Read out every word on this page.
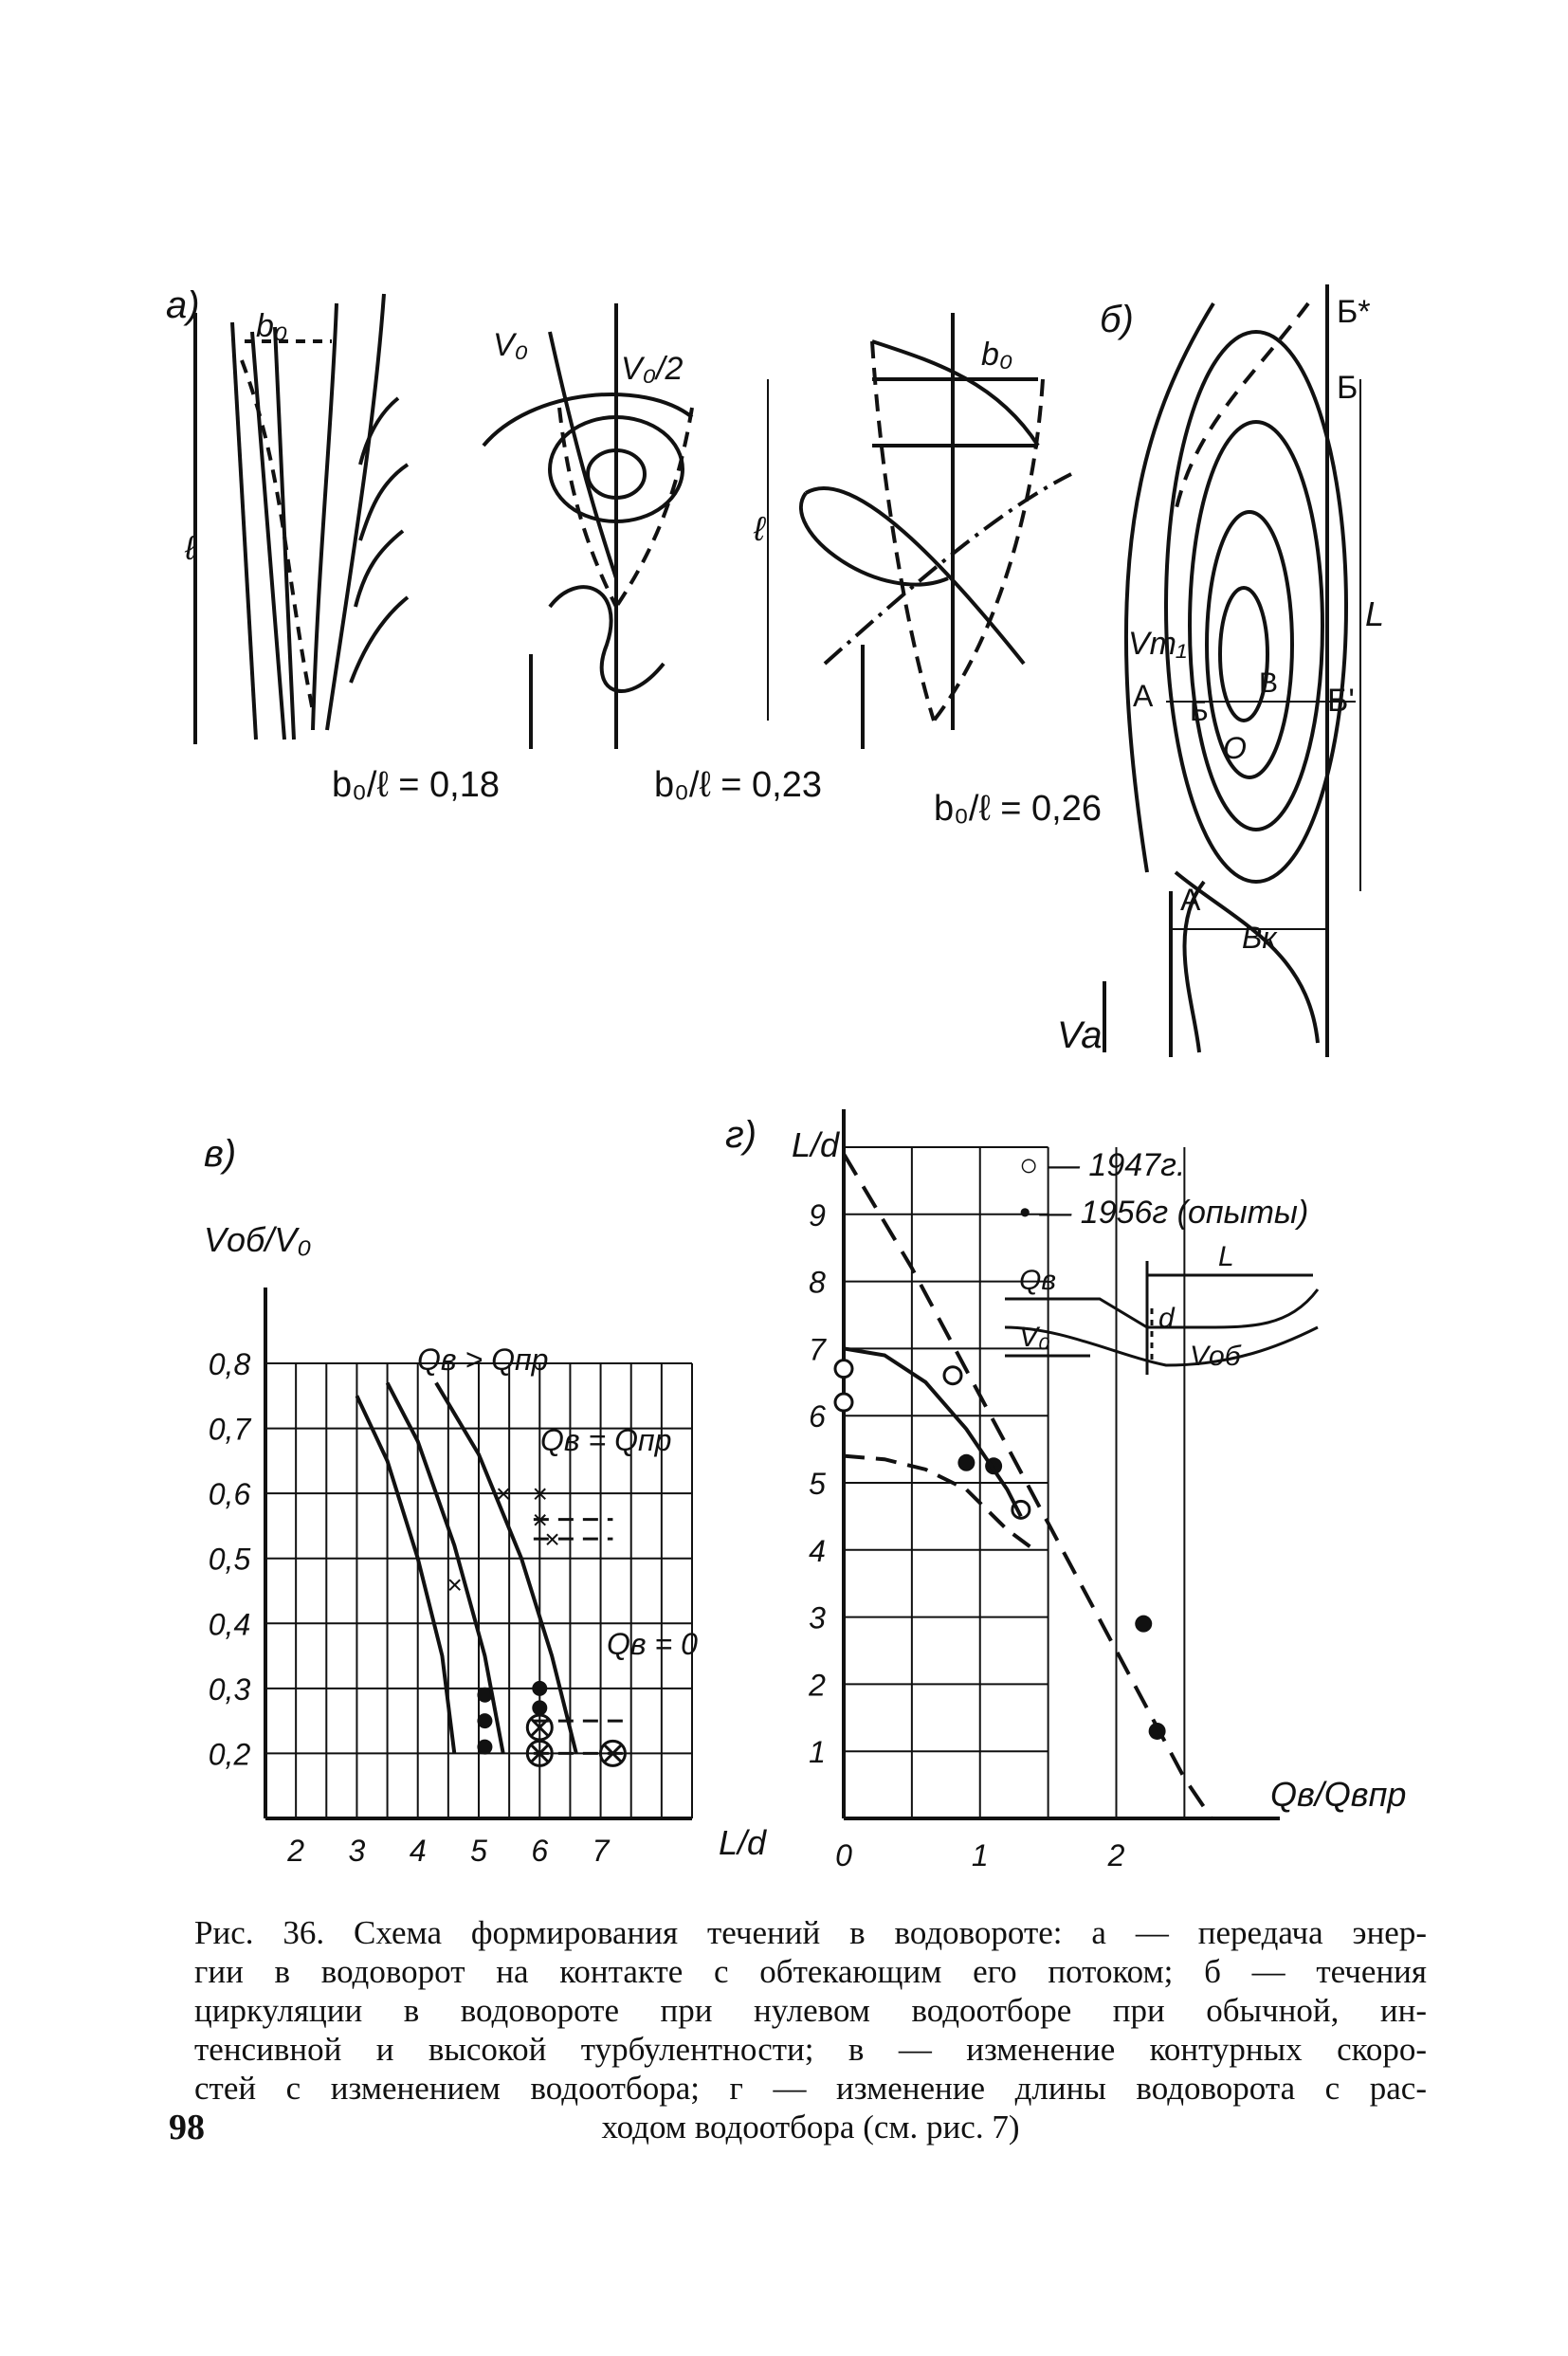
а) b₀
ℓ
b₀/ℓ = 0,18
V₀
V₀/2
b₀/ℓ = 0,23
b₀
ℓ
b₀/ℓ = 0,26
б)	Б*
Б
L
Б'
Vm₁
А Б
B
O
А
Bк
Va
в)
Vоб/V₀
2 3 4 5 6 7
0,2
0,3
0,4
0,5
0,6
0,7
0,8
×
× ×
×
×
L/d
Qв > Qпр
Qв = Qпр
Qв = 0
г) L/d
0	1	2
1
2
3
4
5
6
7
8
9
Qв/Qвпр
○ — 1947г.
• — 1956г (опыты)
Qв
L
d
V₀
Vоб
Рис. 36. Схема формирования течений в водовороте: а — передача энер-
гии в водоворот на контакте с обтекающим его потоком; б — течения
циркуляции в водовороте при нулевом водоотборе при обычной, ин-
тенсивной и высокой турбулентности; в — изменение контурных скоро-
стей с изменением водоотбора; г — изменение длины водоворота с рас-
ходом водоотбора (см. рис. 7)
98
